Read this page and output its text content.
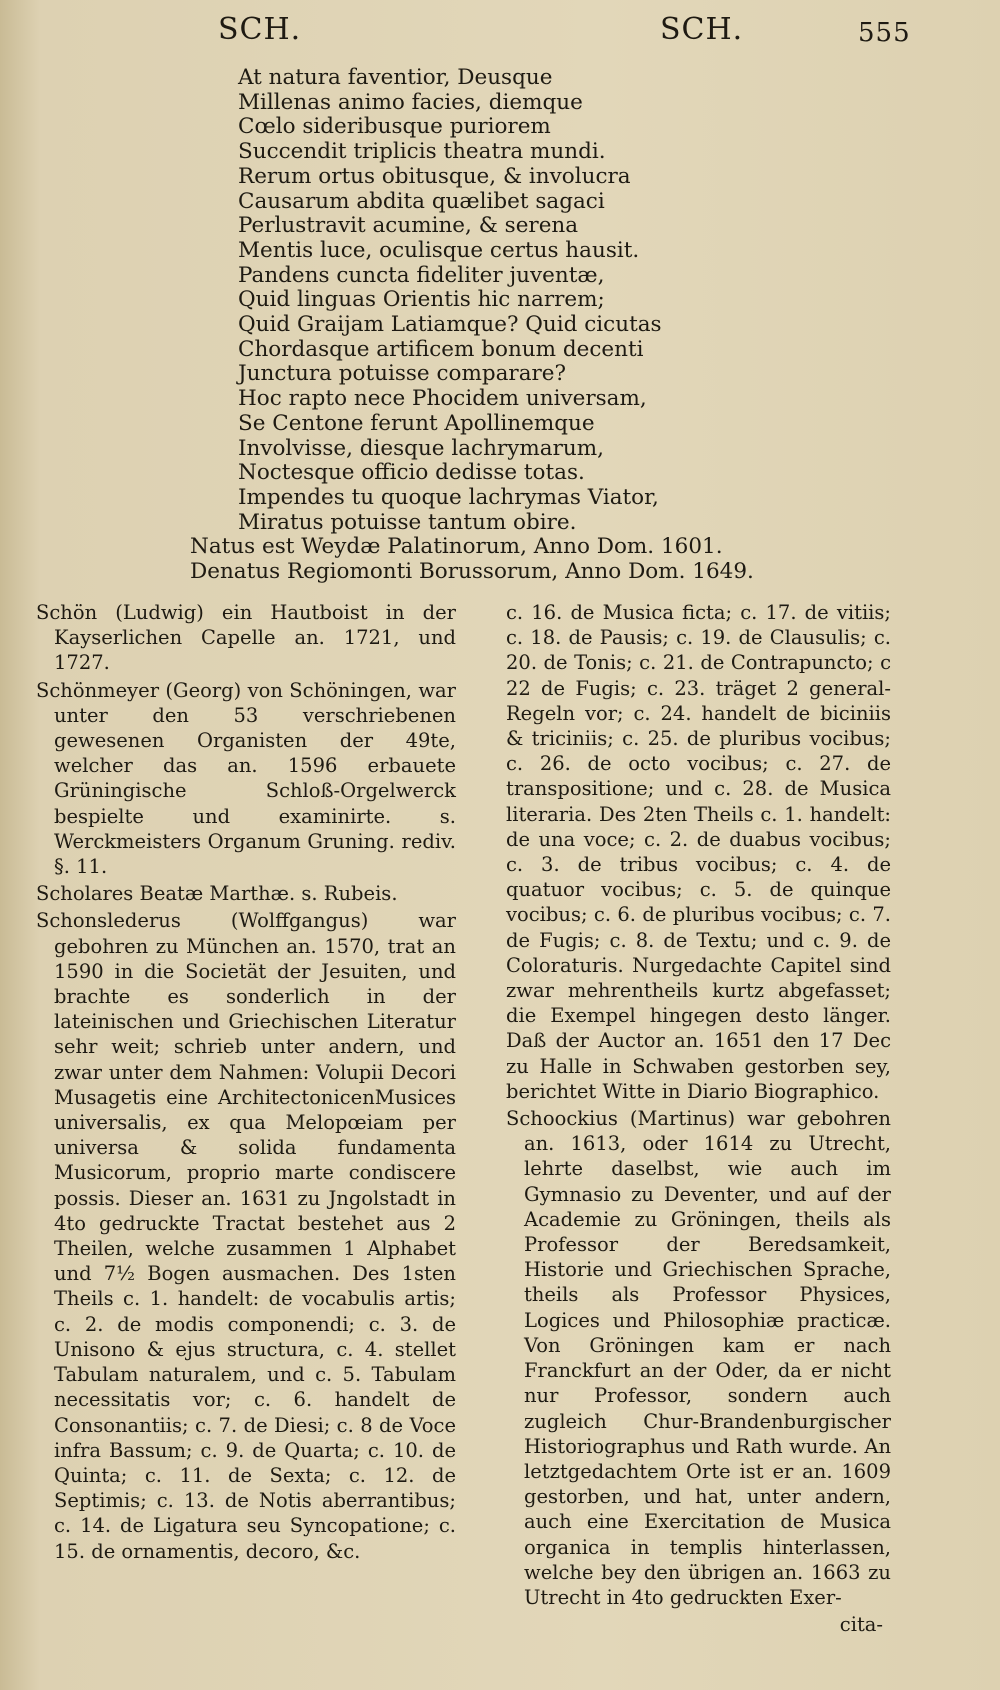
SCH.	SCH.	555
At natura faventior, Deusque
Millenas animo facies, diemque
Cœlo sideribusque puriorem
Succendit triplicis theatra mundi.
Rerum ortus obitusque, & involucra
Causarum abdita quælibet sagaci
Perlustravit acumine, & serena
Mentis luce, oculisque certus hausit.
Pandens cuncta fideliter juventæ,
Quid linguas Orientis hic narrem;
Quid Graijam Latiamque? Quid cicutas
Chordasque artificem bonum decenti
Junctura potuisse comparare?
Hoc rapto nece Phocidem universam,
Se Centone ferunt Apollinemque
Involvisse, diesque lachrymarum,
Noctesque officio dedisse totas.
Impendes tu quoque lachrymas Viator,
Miratus potuisse tantum obire.
Natus est Weydæ Palatinorum, Anno Dom. 1601.
Denatus Regiomonti Borussorum, Anno Dom. 1649.

Schön (Ludwig) ein Hautboist in der Kayserlichen Capelle an. 1721, und 1727.

Schönmeyer (Georg) von Schöningen, war unter den 53 verschriebenen gewesenen Organisten der 49te, welcher das an. 1596 erbauete Grüningische Schloß-Orgelwerck bespielte und examinirte. s. Werckmeisters Organum Gruning. rediv. §. 11.

Scholares Beatæ Marthæ. s. Rubeis.

Schonslederus (Wolffgangus) war gebohren zu München an. 1570, trat an 1590 in die Societät der Jesuiten, und brachte es sonderlich in der lateinischen und Griechischen Literatur sehr weit; schrieb unter andern, und zwar unter dem Nahmen: Volupii Decori Musagetis eine ArchitectonicenMusices universalis, ex qua Melopœiam per universa & solida fundamenta Musicorum, proprio marte condiscere possis. Dieser an. 1631 zu Jngolstadt in 4to gedruckte Tractat bestehet aus 2 Theilen, welche zusammen 1 Alphabet und 7½ Bogen ausmachen. Des 1sten Theils c. 1. handelt: de vocabulis artis; c. 2. de modis componendi; c. 3. de Unisono & ejus structura, c. 4. stellet Tabulam naturalem, und c. 5. Tabulam necessitatis vor; c. 6. handelt de Consonantiis; c. 7. de Diesi; c. 8 de Voce infra Bassum; c. 9. de Quarta; c. 10. de Quinta; c. 11. de Sexta; c. 12. de Septimis; c. 13. de Notis aberrantibus; c. 14. de Ligatura seu Syncopatione; c. 15. de ornamentis, decoro, &c.

c. 16. de Musica ficta; c. 17. de vitiis; c. 18. de Pausis; c. 19. de Clausulis; c. 20. de Tonis; c. 21. de Contrapuncto; c 22 de Fugis; c. 23. träget 2 general-Regeln vor; c. 24. handelt de biciniis & triciniis; c. 25. de pluribus vocibus; c. 26. de octo vocibus; c. 27. de transpositione; und c. 28. de Musica literaria. Des 2ten Theils c. 1. handelt: de una voce; c. 2. de duabus vocibus; c. 3. de tribus vocibus; c. 4. de quatuor vocibus; c. 5. de quinque vocibus; c. 6. de pluribus vocibus; c. 7. de Fugis; c. 8. de Textu; und c. 9. de Coloraturis. Nurgedachte Capitel sind zwar mehrentheils kurtz abgefasset; die Exempel hingegen desto länger. Daß der Auctor an. 1651 den 17 Dec zu Halle in Schwaben gestorben sey, berichtet Witte in Diario Biographico.

Schoockius (Martinus) war gebohren an. 1613, oder 1614 zu Utrecht, lehrte daselbst, wie auch im Gymnasio zu Deventer, und auf der Academie zu Gröningen, theils als Professor der Beredsamkeit, Historie und Griechischen Sprache, theils als Professor Physices, Logices und Philosophiæ practicæ. Von Gröningen kam er nach Franckfurt an der Oder, da er nicht nur Professor, sondern auch zugleich Chur-Brandenburgischer Historiographus und Rath wurde. An letztgedachtem Orte ist er an. 1609 gestorben, und hat, unter andern, auch eine Exercitation de Musica organica in templis hinterlassen, welche bey den übrigen an. 1663 zu Utrecht in 4to gedruckten Exer-

cita-
